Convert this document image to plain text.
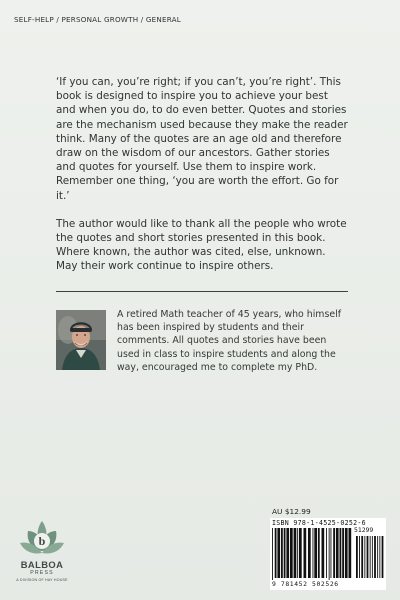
SELF-HELP / PERSONAL GROWTH / GENERAL

‘If you can, you’re right; if you can’t, you’re right’. This book is designed to inspire you to achieve your best and when you do, to do even better. Quotes and stories are the mechanism used because they make the reader think. Many of the quotes are an age old and therefore draw on the wisdom of our ancestors. Gather stories and quotes for yourself. Use them to inspire work. Remember one thing, ‘you are worth the effort. Go for it.’

The author would like to thank all the people who wrote the quotes and short stories presented in this book. Where known, the author was cited, else, unknown. May their work continue to inspire others.

A retired Math teacher of 45 years, who himself has been inspired by students and their comments. All quotes and stories have been used in class to inspire students and along the way, encouraged me to complete my PhD.
AU $12.99
ISBN 978-1-4525-0252-6
51299
9 781452 502526
b
BALBOA
PRESS
A DIVISION OF HAY HOUSE
